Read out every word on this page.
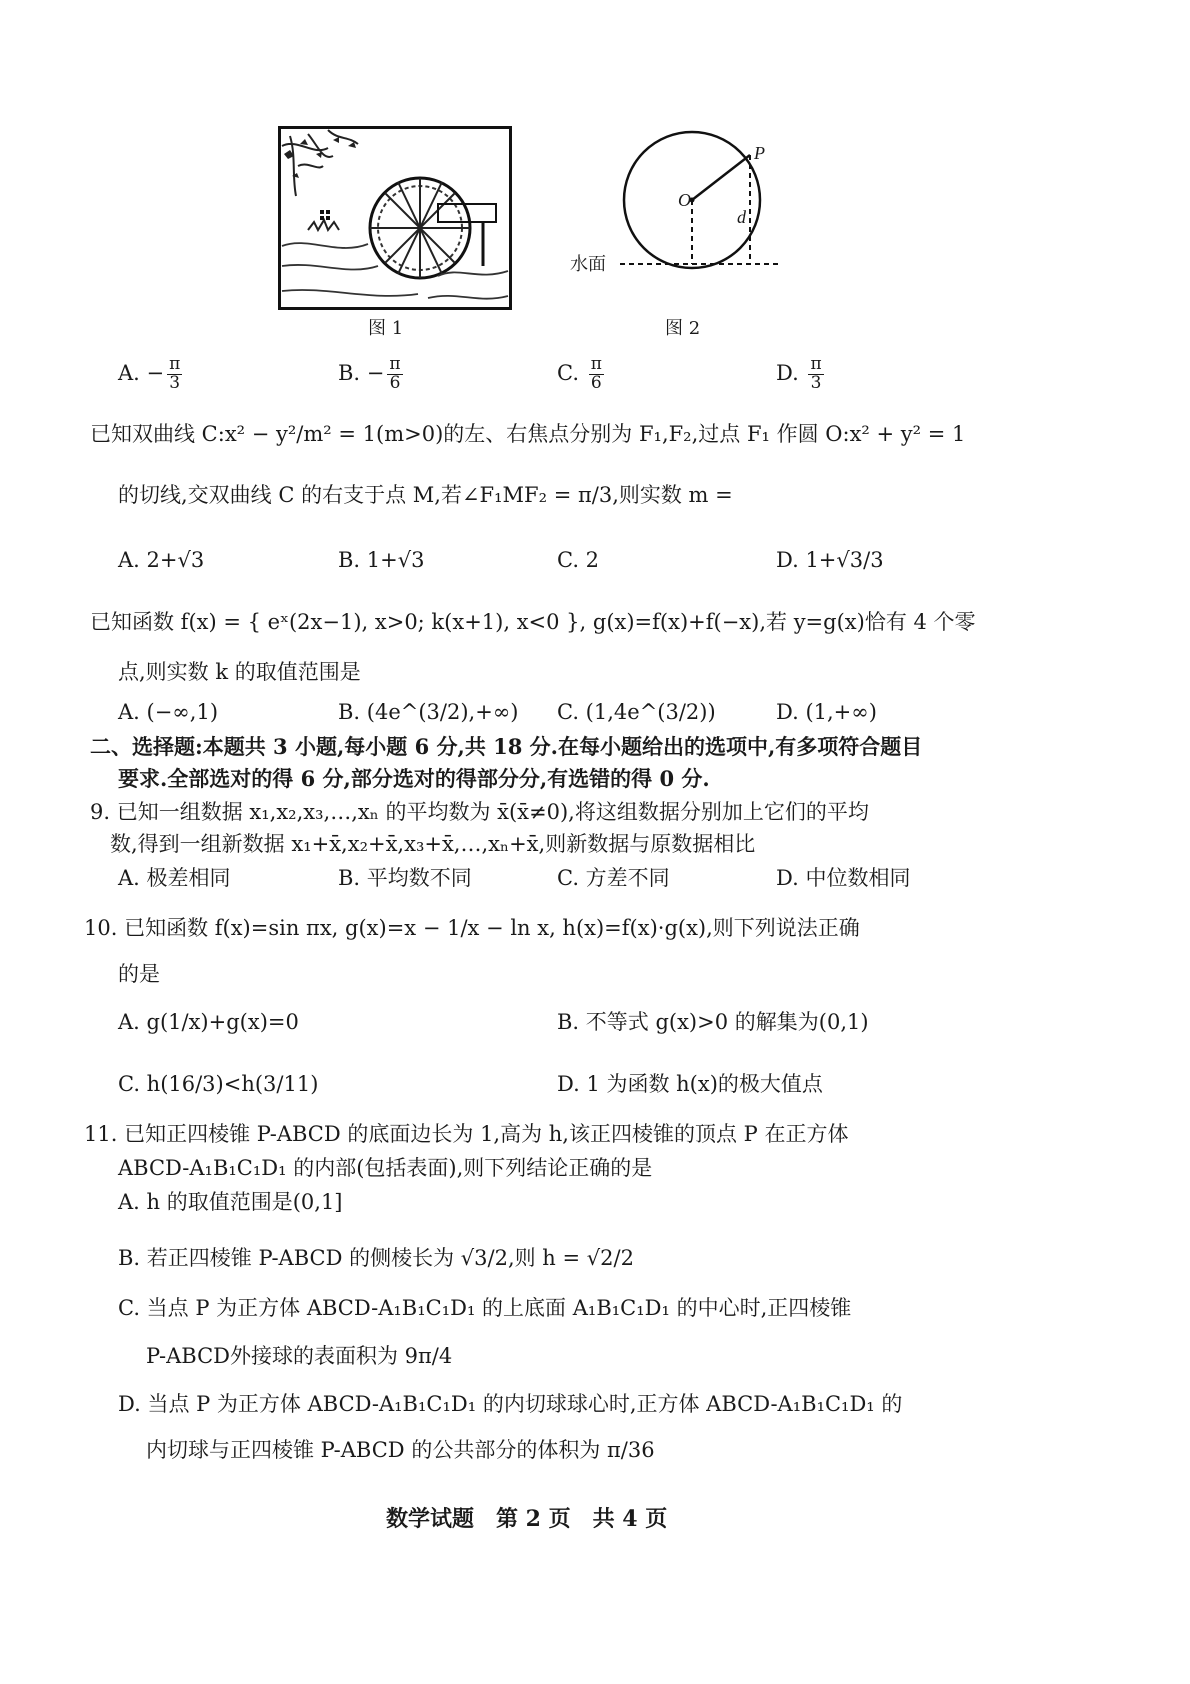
图 1
O
P
d
水面
图 2
A. − $\frac{\pi}{3}$	B. − $\frac{\pi}{6}$	C. $\frac{\pi}{6}$	D. $\frac{\pi}{3}$
已知双曲线 C:x² − y²/m² = 1(m>0)的左、右焦点分别为 F₁,F₂,过点 F₁ 作圆 O:x² + y² = 1
的切线,交双曲线 C 的右支于点 M,若∠F₁MF₂ = π/3,则实数 m =
A. 2+√3	B. 1+√3	C. 2	D. 1+√3/3
已知函数 f(x) = { eˣ(2x−1), x>0; k(x+1), x<0 }, g(x)=f(x)+f(−x),若 y=g(x)恰有 4 个零
点,则实数 k 的取值范围是
A. (−∞,1)	B. (4e^(3/2),+∞) C. (1,4e^(3/2))	D. (1,+∞)
二、选择题:本题共 3 小题,每小题 6 分,共 18 分.在每小题给出的选项中,有多项符合题目
要求.全部选对的得 6 分,部分选对的得部分分,有选错的得 0 分.
9. 已知一组数据 x₁,x₂,x₃,…,xₙ 的平均数为 x̄(x̄≠0),将这组数据分别加上它们的平均
数,得到一组新数据 x₁+x̄,x₂+x̄,x₃+x̄,…,xₙ+x̄,则新数据与原数据相比
A. 极差相同	B. 平均数不同	C. 方差不同	D. 中位数相同
10. 已知函数 f(x)=sin πx, g(x)=x − 1/x − ln x, h(x)=f(x)·g(x),则下列说法正确
的是
A. g(1/x)+g(x)=0	B. 不等式 g(x)>0 的解集为(0,1)
C. h(16/3)<h(3/11)	D. 1 为函数 h(x)的极大值点
11. 已知正四棱锥 P-ABCD 的底面边长为 1,高为 h,该正四棱锥的顶点 P 在正方体
ABCD-A₁B₁C₁D₁ 的内部(包括表面),则下列结论正确的是
A. h 的取值范围是(0,1]
B. 若正四棱锥 P-ABCD 的侧棱长为 √3/2,则 h = √2/2
C. 当点 P 为正方体 ABCD-A₁B₁C₁D₁ 的上底面 A₁B₁C₁D₁ 的中心时,正四棱锥
P-ABCD外接球的表面积为 9π/4
D. 当点 P 为正方体 ABCD-A₁B₁C₁D₁ 的内切球球心时,正方体 ABCD-A₁B₁C₁D₁ 的
内切球与正四棱锥 P-ABCD 的公共部分的体积为 π/36
数学试题　第 2 页　共 4 页
